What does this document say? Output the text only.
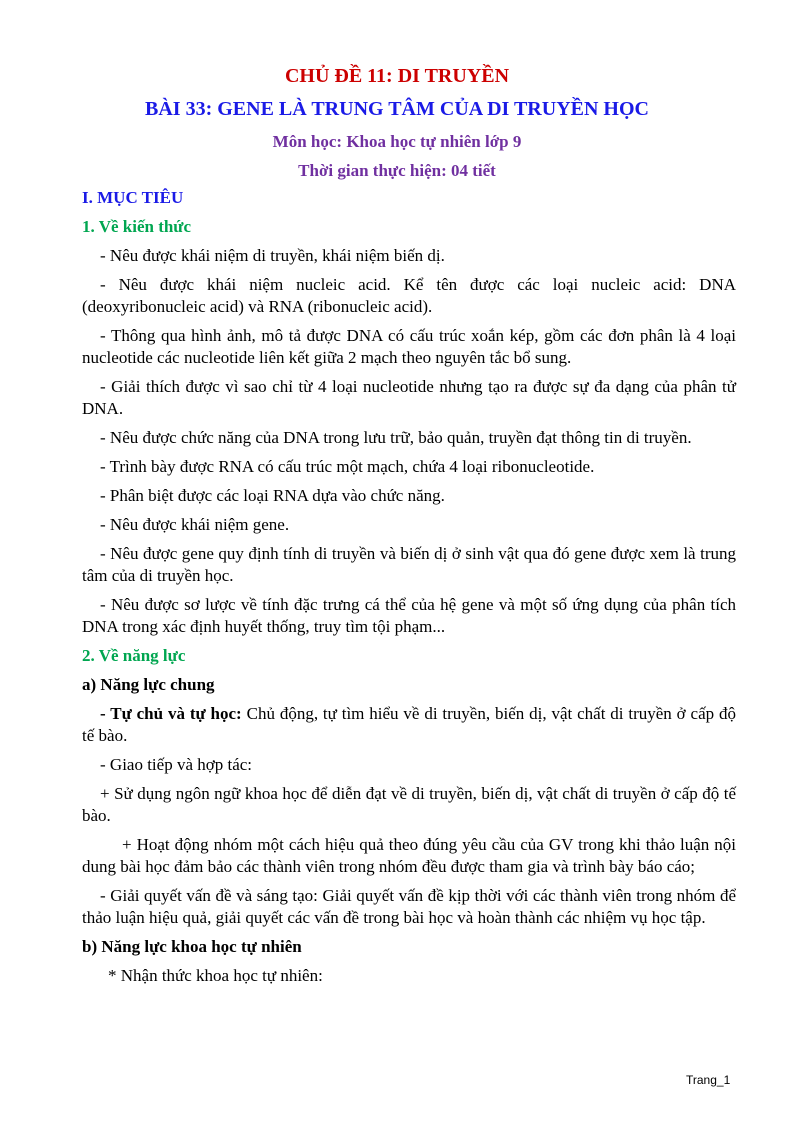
CHỦ ĐỀ 11: DI TRUYỀN

BÀI 33: GENE LÀ TRUNG TÂM CỦA DI TRUYỀN HỌC

Môn học: Khoa học tự nhiên lớp 9

Thời gian thực hiện: 04 tiết

I. MỤC TIÊU

1. Về kiến thức

- Nêu được khái niệm di truyền, khái niệm biến dị.

- Nêu được khái niệm nucleic acid. Kể tên được các loại nucleic acid: DNA (deoxyribonucleic acid) và RNA (ribonucleic acid).

- Thông qua hình ảnh, mô tả được DNA có cấu trúc xoắn kép, gồm các đơn phân là 4 loại nucleotide các nucleotide liên kết giữa 2 mạch theo nguyên tắc bổ sung.

- Giải thích được vì sao chỉ từ 4 loại nucleotide nhưng tạo ra được sự đa dạng của phân tử DNA.

- Nêu được chức năng của DNA trong lưu trữ, bảo quản, truyền đạt thông tin di truyền.

- Trình bày được RNA có cấu trúc một mạch, chứa 4 loại ribonucleotide.

- Phân biệt được các loại RNA dựa vào chức năng.

- Nêu được khái niệm gene.

- Nêu được gene quy định tính di truyền và biến dị ở sinh vật qua đó gene được xem là trung tâm của di truyền học.

- Nêu được sơ lược về tính đặc trưng cá thể của hệ gene và một số ứng dụng của phân tích DNA trong xác định huyết thống, truy tìm tội phạm...

2. Về năng lực

a) Năng lực chung

- Tự chủ và tự học: Chủ động, tự tìm hiểu về di truyền, biến dị, vật chất di truyền ở cấp độ tế bào.

- Giao tiếp và hợp tác:

+ Sử dụng ngôn ngữ khoa học để diễn đạt về di truyền, biến dị, vật chất di truyền ở cấp độ tế bào.

+ Hoạt động nhóm một cách hiệu quả theo đúng yêu cầu của GV trong khi thảo luận nội dung bài học đảm bảo các thành viên trong nhóm đều được tham gia và trình bày báo cáo;

- Giải quyết vấn đề và sáng tạo: Giải quyết vấn đề kịp thời với các thành viên trong nhóm để thảo luận hiệu quả, giải quyết các vấn đề trong bài học và hoàn thành các nhiệm vụ học tập.

b) Năng lực khoa học tự nhiên

* Nhận thức khoa học tự nhiên:

Trang_1
